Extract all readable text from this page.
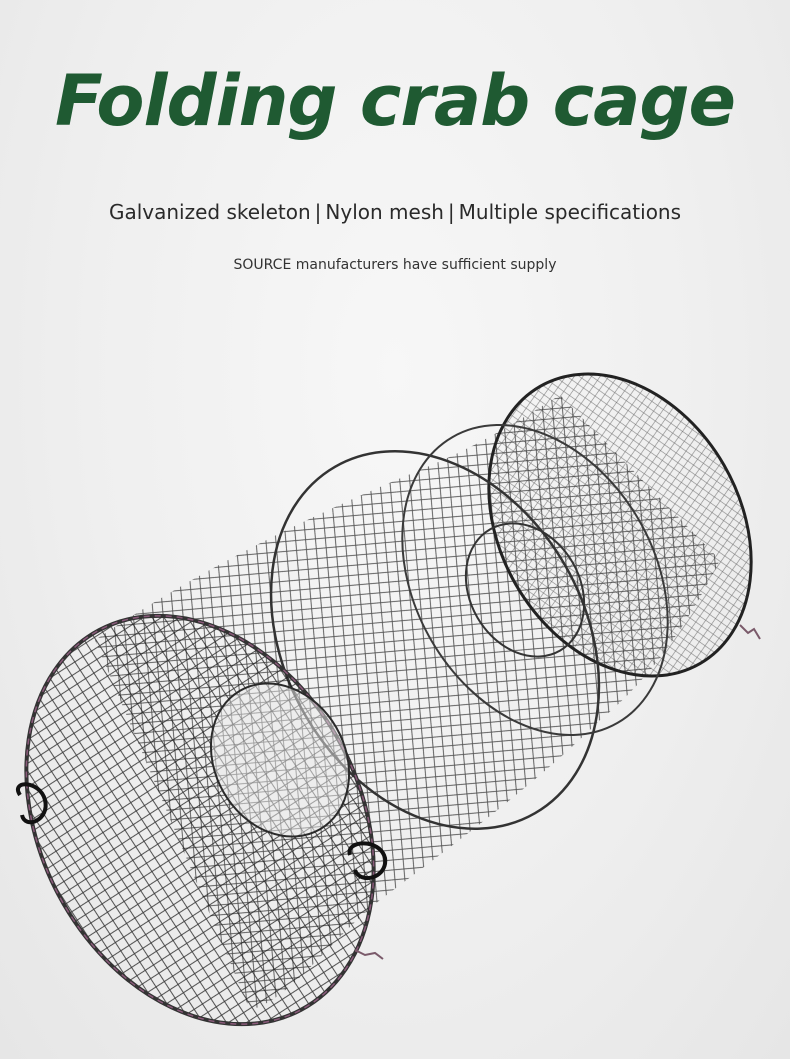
Folding crab cage
Galvanized skeleton | Nylon mesh | Multiple specifications
SOURCE manufacturers have sufficient supply
